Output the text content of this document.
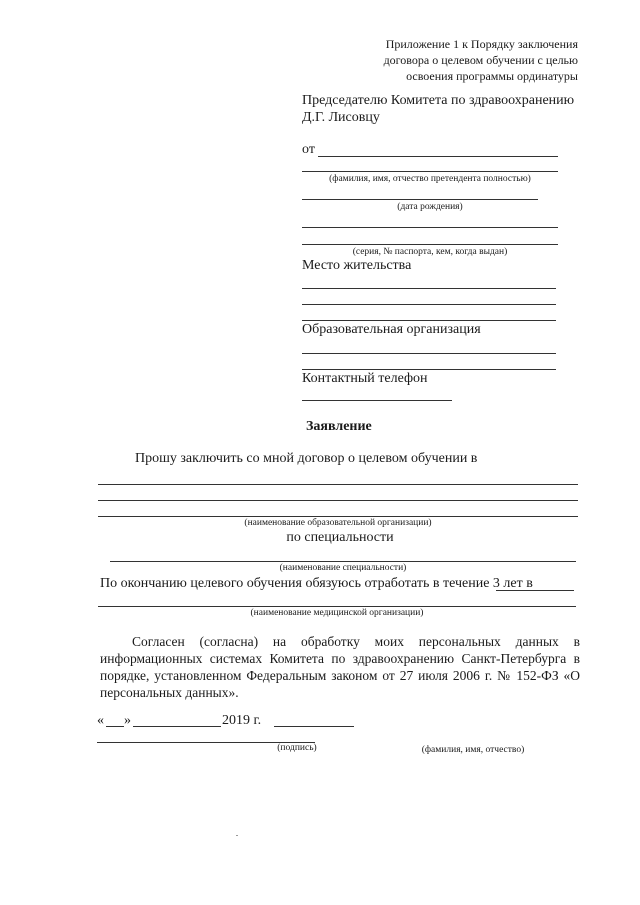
Приложение 1 к Порядку заключения
договора о целевом обучении с целью
освоения программы ординатуры
Председателю Комитета по здравоохранению
Д.Г. Лисовцу
от
(фамилия, имя, отчество претендента полностью)
(дата рождения)
(серия, № паспорта, кем, когда выдан)
Место жительства
Образовательная организация
Контактный телефон
Заявление
Прошу заключить со мной договор о целевом обучении в
(наименование образовательной организации)
по специальности
(наименование специальности)
По окончанию целевого обучения обязуюсь отработать в течение 3 лет в
(наименование медицинской организации)
Согласен (согласна) на обработку моих персональных данных в информационных системах Комитета по здравоохранению Санкт-Петербурга в порядке, установленном Федеральным законом от 27 июля 2006 г. № 152-ФЗ «О персональных данных».
« »	2019 г.
(подпись)	(фамилия, имя, отчество)
